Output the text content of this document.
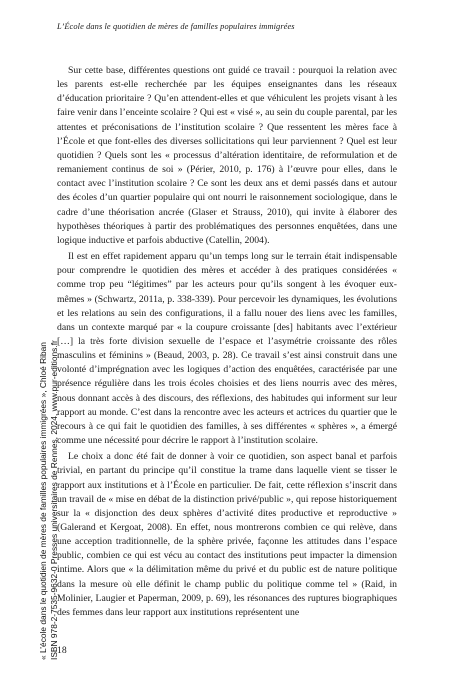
L’École dans le quotidien de mères de familles populaires immigrées

Sur cette base, différentes questions ont guidé ce travail : pourquoi la relation avec les parents est-elle recherchée par les équipes enseignantes dans les réseaux d’éducation prioritaire ? Qu’en attendent-elles et que véhiculent les projets visant à les faire venir dans l’enceinte scolaire ? Qui est « visé », au sein du couple parental, par les attentes et préconisations de l’institution scolaire ? Que ressentent les mères face à l’École et que font-elles des diverses sollicitations qui leur parviennent ? Quel est leur quotidien ? Quels sont les « processus d’altération identitaire, de reformulation et de remaniement continus de soi » (Périer, 2010, p. 176) à l’œuvre pour elles, dans le contact avec l’institution scolaire ? Ce sont les deux ans et demi passés dans et autour des écoles d’un quartier populaire qui ont nourri le raisonnement sociologique, dans le cadre d’une théorisation ancrée (Glaser et Strauss, 2010), qui invite à élaborer des hypothèses théoriques à partir des problématiques des personnes enquêtées, dans une logique inductive et parfois abductive (Catellin, 2004).

Il est en effet rapidement apparu qu’un temps long sur le terrain était indispensable pour comprendre le quotidien des mères et accéder à des pratiques considérées « comme trop peu “légitimes” par les acteurs pour qu’ils songent à les évoquer eux-mêmes » (Schwartz, 2011a, p. 338-339). Pour percevoir les dynamiques, les évolutions et les relations au sein des configurations, il a fallu nouer des liens avec les familles, dans un contexte marqué par « la coupure croissante [des] habitants avec l’extérieur […] la très forte division sexuelle de l’espace et l’asymétrie croissante des rôles masculins et féminins » (Beaud, 2003, p. 28). Ce travail s’est ainsi construit dans une volonté d’imprégnation avec les logiques d’action des enquêtées, caractérisée par une présence régulière dans les trois écoles choisies et des liens nourris avec des mères, nous donnant accès à des discours, des réflexions, des habitudes qui informent sur leur rapport au monde. C’est dans la rencontre avec les acteurs et actrices du quartier que le recours à ce qui fait le quotidien des familles, à ses différentes « sphères », a émergé comme une nécessité pour décrire le rapport à l’institution scolaire.

Le choix a donc été fait de donner à voir ce quotidien, son aspect banal et parfois trivial, en partant du principe qu’il constitue la trame dans laquelle vient se tisser le rapport aux institutions et à l’École en particulier. De fait, cette réflexion s’inscrit dans un travail de « mise en débat de la distinction privé/public », qui repose historiquement sur la « disjonction des deux sphères d’activité dites productive et reproductive » (Galerand et Kergoat, 2008). En effet, nous montrerons combien ce qui relève, dans une acception traditionnelle, de la sphère privée, façonne les attitudes dans l’espace public, combien ce qui est vécu au contact des institutions peut impacter la dimension intime. Alors que « la délimitation même du privé et du public est de nature politique dans la mesure où elle définit le champ public du politique comme tel » (Raid, in Molinier, Laugier et Paperman, 2009, p. 69), les résonances des ruptures biographiques des femmes dans leur rapport aux institutions représentent une

18
« L’école dans le quotidien de mères de familles populaires immigrées », Chloé Riban ISBN 978-2-7535-9632-0 Presses universitaires de Rennes, 2024, www.pur-editions.fr
